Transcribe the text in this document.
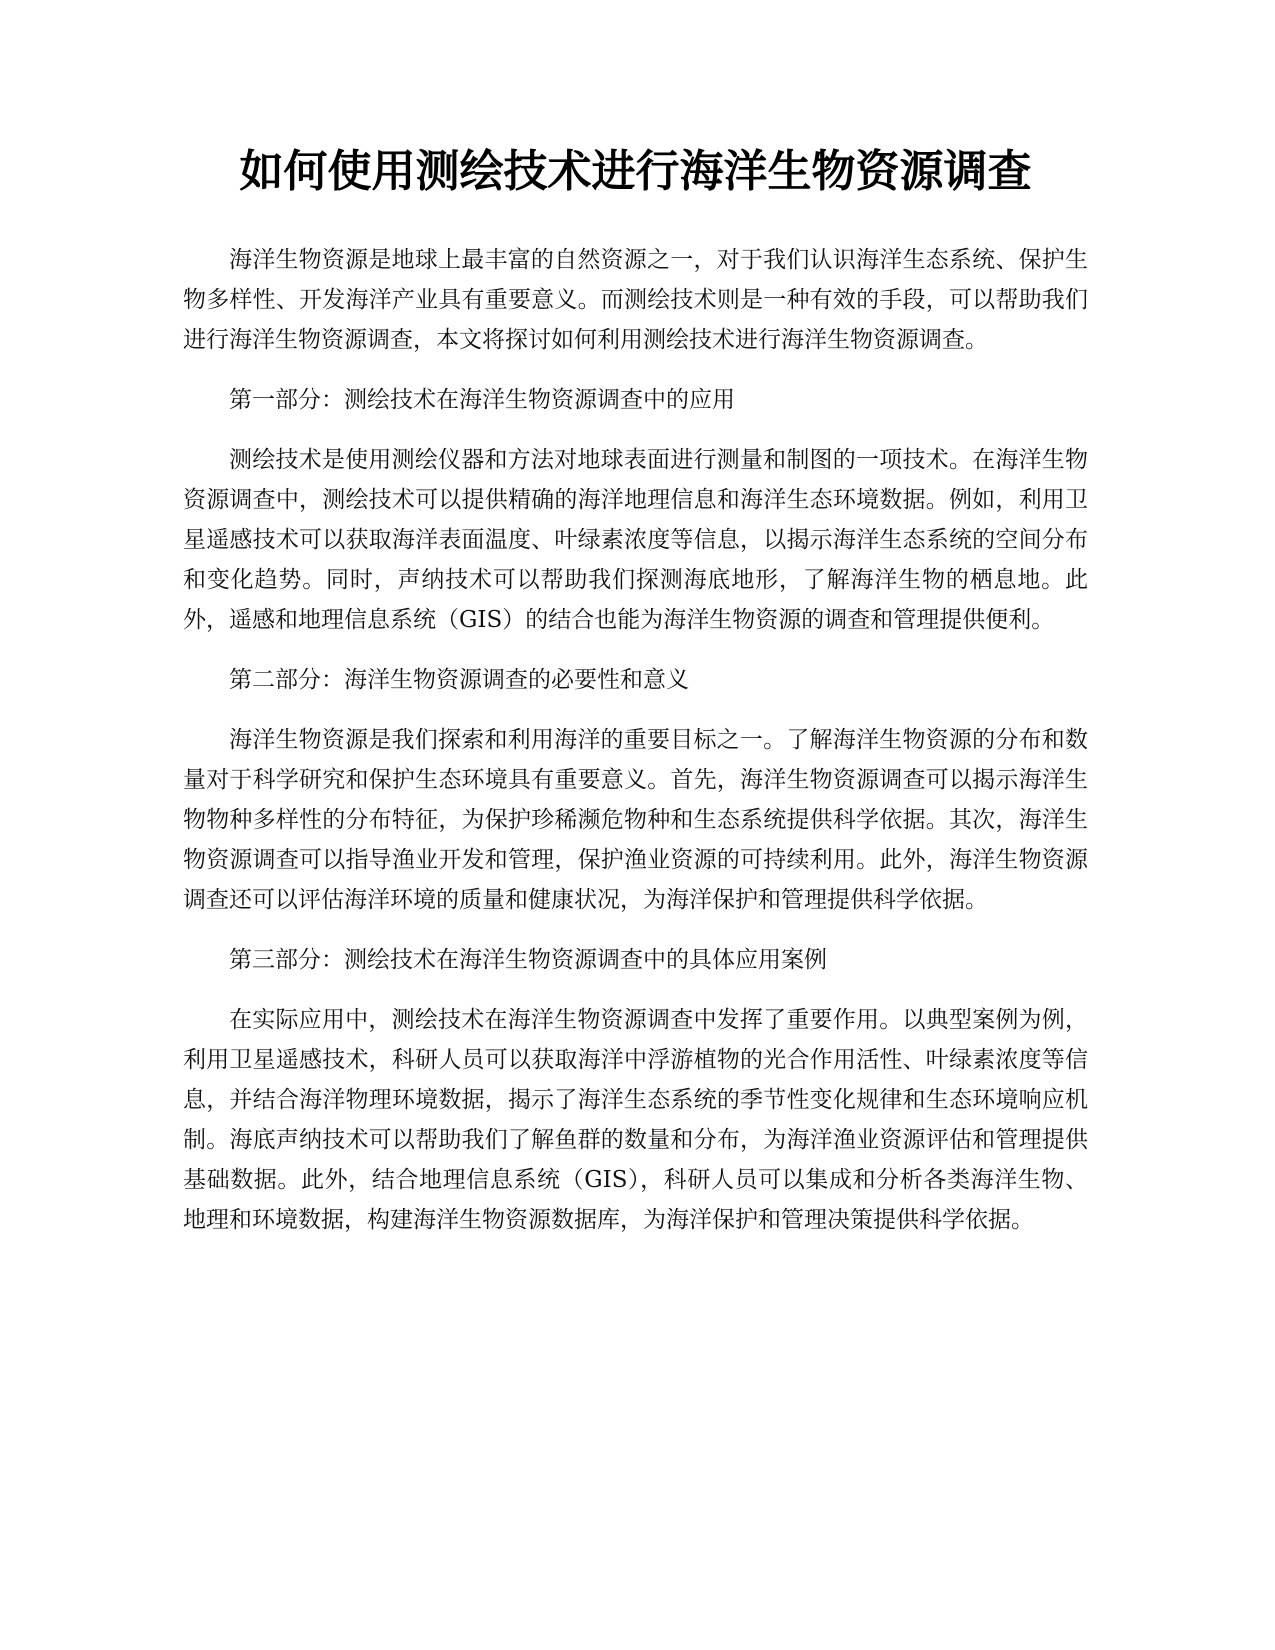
如何使用测绘技术进行海洋生物资源调查

海洋生物资源是地球上最丰富的自然资源之一，对于我们认识海洋生态系统、保护生物多样性、开发海洋产业具有重要意义。而测绘技术则是一种有效的手段，可以帮助我们进行海洋生物资源调查，本文将探讨如何利用测绘技术进行海洋生物资源调查。

第一部分：测绘技术在海洋生物资源调查中的应用

测绘技术是使用测绘仪器和方法对地球表面进行测量和制图的一项技术。在海洋生物资源调查中，测绘技术可以提供精确的海洋地理信息和海洋生态环境数据。例如，利用卫星遥感技术可以获取海洋表面温度、叶绿素浓度等信息，以揭示海洋生态系统的空间分布和变化趋势。同时，声纳技术可以帮助我们探测海底地形，了解海洋生物的栖息地。此外，遥感和地理信息系统（GIS）的结合也能为海洋生物资源的调查和管理提供便利。

第二部分：海洋生物资源调查的必要性和意义

海洋生物资源是我们探索和利用海洋的重要目标之一。了解海洋生物资源的分布和数量对于科学研究和保护生态环境具有重要意义。首先，海洋生物资源调查可以揭示海洋生物物种多样性的分布特征，为保护珍稀濒危物种和生态系统提供科学依据。其次，海洋生物资源调查可以指导渔业开发和管理，保护渔业资源的可持续利用。此外，海洋生物资源调查还可以评估海洋环境的质量和健康状况，为海洋保护和管理提供科学依据。

第三部分：测绘技术在海洋生物资源调查中的具体应用案例

在实际应用中，测绘技术在海洋生物资源调查中发挥了重要作用。以典型案例为例，利用卫星遥感技术，科研人员可以获取海洋中浮游植物的光合作用活性、叶绿素浓度等信息，并结合海洋物理环境数据，揭示了海洋生态系统的季节性变化规律和生态环境响应机制。海底声纳技术可以帮助我们了解鱼群的数量和分布，为海洋渔业资源评估和管理提供基础数据。此外，结合地理信息系统（GIS），科研人员可以集成和分析各类海洋生物、地理和环境数据，构建海洋生物资源数据库，为海洋保护和管理决策提供科学依据。
